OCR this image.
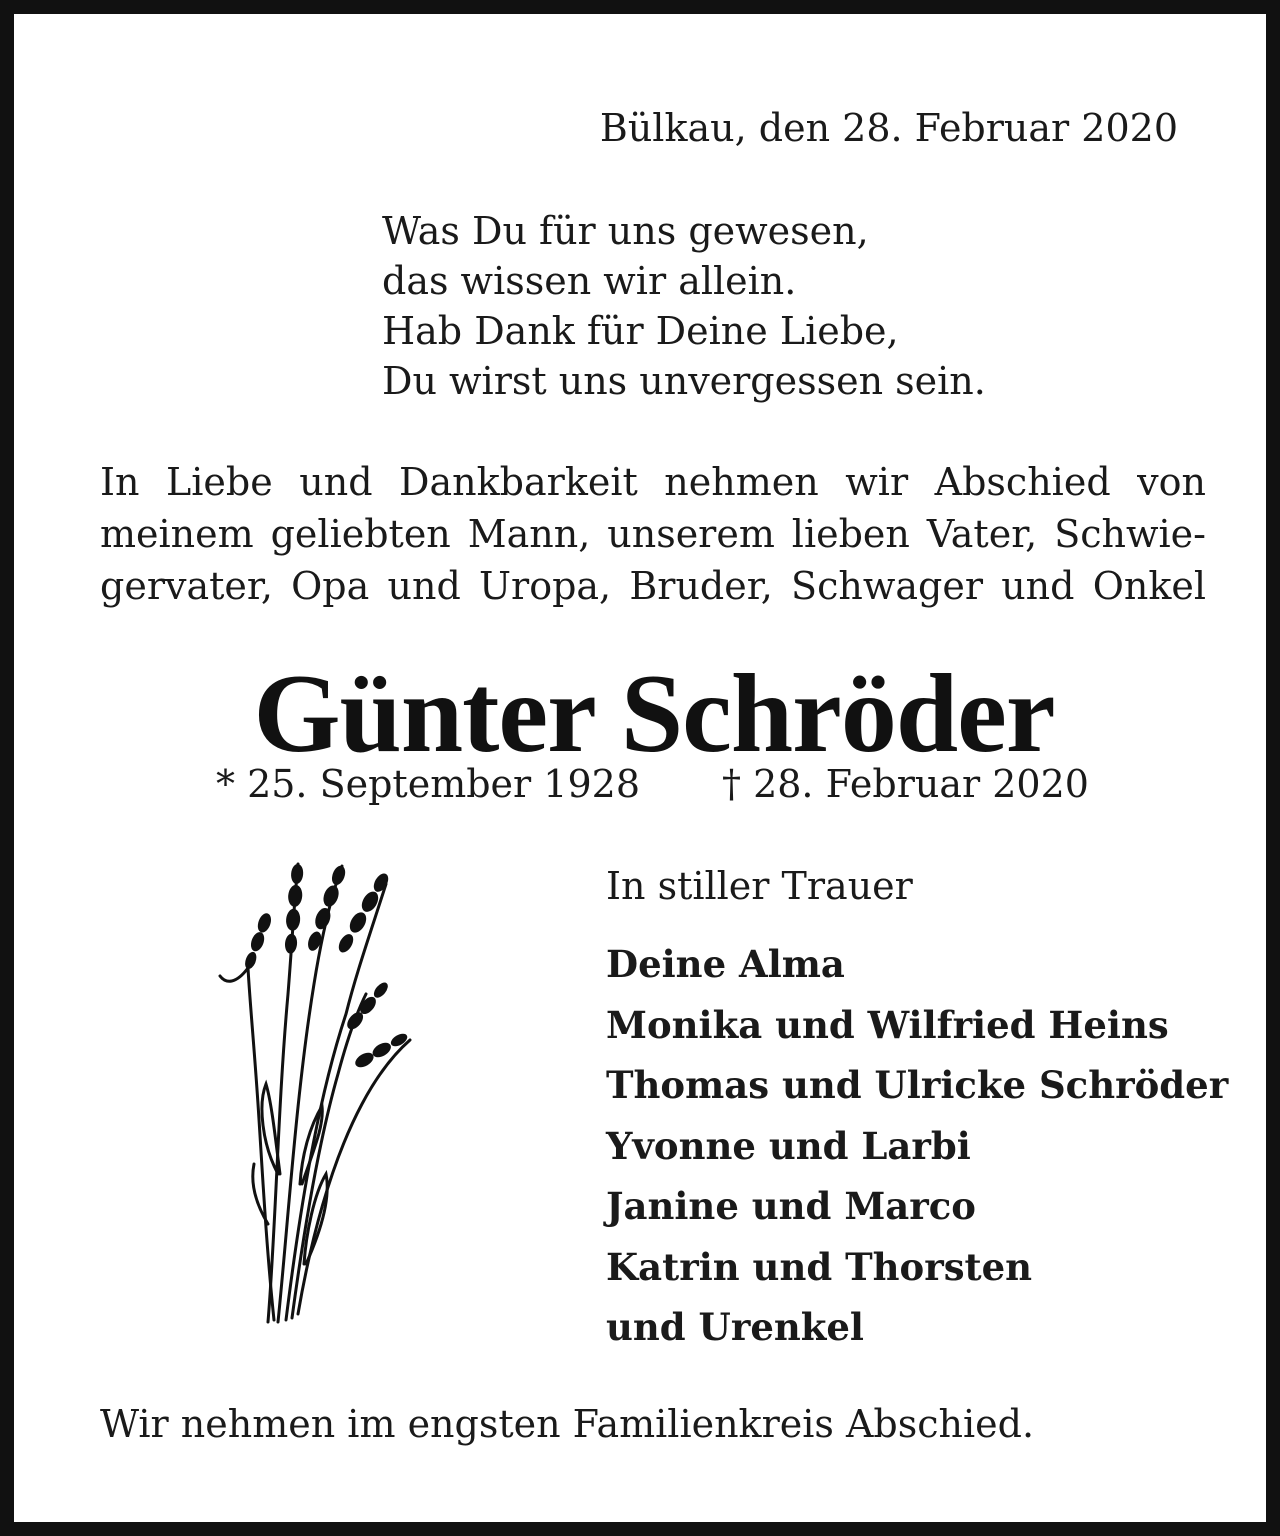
Bülkau, den 28. Februar 2020
Was Du für uns gewesen,
das wissen wir allein.
Hab Dank für Deine Liebe,
Du wirst uns unvergessen sein.
In Liebe und Dankbarkeit nehmen wir Abschied von
meinem geliebten Mann, unserem lieben Vater, Schwie-
gervater, Opa und Uropa, Bruder, Schwager und Onkel
Günter Schröder
* 25. September 1928 † 28. Februar 2020
In stiller Trauer
Deine Alma
Monika und Wilfried Heins
Thomas und Ulricke Schröder
Yvonne und Larbi
Janine und Marco
Katrin und Thorsten
und Urenkel
Wir nehmen im engsten Familienkreis Abschied.
